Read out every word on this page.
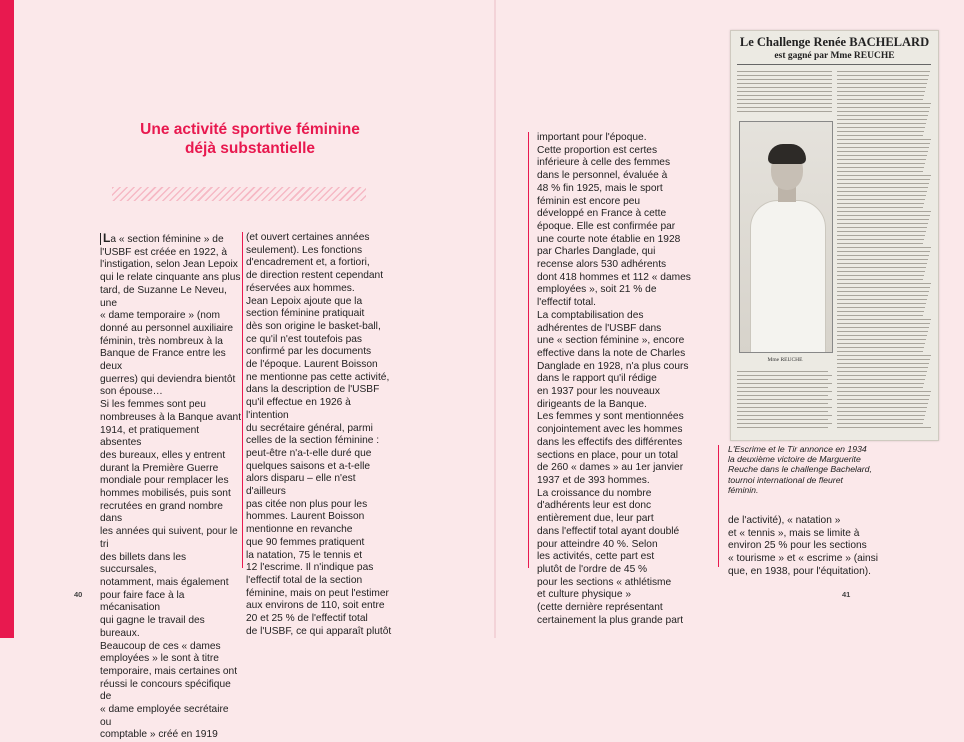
Une activité sportive féminine
déjà substantielle
La « section féminine » de
l'USBF est créée en 1922, à
l'instigation, selon Jean Lepoix
qui le relate cinquante ans plus
tard, de Suzanne Le Neveu, une
« dame temporaire » (nom
donné au personnel auxiliaire
féminin, très nombreux à la
Banque de France entre les deux
guerres) qui deviendra bientôt
son épouse…
Si les femmes sont peu
nombreuses à la Banque avant
1914, et pratiquement absentes
des bureaux, elles y entrent
durant la Première Guerre
mondiale pour remplacer les
hommes mobilisés, puis sont
recrutées en grand nombre dans
les années qui suivent, pour le tri
des billets dans les succursales,
notamment, mais également
pour faire face à la mécanisation
qui gagne le travail des bureaux.
Beaucoup de ces « dames
employées » le sont à titre
temporaire, mais certaines ont
réussi le concours spécifique de
« dame employée secrétaire ou
comptable » créé en 1919
(et ouvert certaines années
seulement). Les fonctions
d'encadrement et, a fortiori,
de direction restent cependant
réservées aux hommes.
Jean Lepoix ajoute que la
section féminine pratiquait
dès son origine le basket-ball,
ce qu'il n'est toutefois pas
confirmé par les documents
de l'époque. Laurent Boisson
ne mentionne pas cette activité,
dans la description de l'USBF
qu'il effectue en 1926 à l'intention
du secrétaire général, parmi
celles de la section féminine :
peut-être n'a-t-elle duré que
quelques saisons et a-t-elle
alors disparu – elle n'est d'ailleurs
pas citée non plus pour les
hommes. Laurent Boisson
mentionne en revanche
que 90 femmes pratiquent
la natation, 75 le tennis et
12 l'escrime. Il n'indique pas
l'effectif total de la section
féminine, mais on peut l'estimer
aux environs de 110, soit entre
20 et 25 % de l'effectif total
de l'USBF, ce qui apparaît plutôt
important pour l'époque.
Cette proportion est certes
inférieure à celle des femmes
dans le personnel, évaluée à
48 % fin 1925, mais le sport
féminin est encore peu
développé en France à cette
époque. Elle est confirmée par
une courte note établie en 1928
par Charles Danglade, qui
recense alors 530 adhérents
dont 418 hommes et 112 « dames
employées », soit 21 % de
l'effectif total.
La comptabilisation des
adhérentes de l'USBF dans
une « section féminine », encore
effective dans la note de Charles
Danglade en 1928, n'a plus cours
dans le rapport qu'il rédige
en 1937 pour les nouveaux
dirigeants de la Banque.
Les femmes y sont mentionnées
conjointement avec les hommes
dans les effectifs des différentes
sections en place, pour un total
de 260 « dames » au 1er janvier
1937 et de 393 hommes.
La croissance du nombre
d'adhérents leur est donc
entièrement due, leur part
dans l'effectif total ayant doublé
pour atteindre 40 %. Selon
les activités, cette part est
plutôt de l'ordre de 45 %
pour les sections « athlétisme
et culture physique »
(cette dernière représentant
certainement la plus grande part
Le Challenge Renée BACHELARD
est gagné par Mme REUCHE
Mme REUCHE
L'Escrime et le Tir annonce en 1934
la deuxième victoire de Marguerite
Reuche dans le challenge Bachelard,
tournoi international de fleuret
féminin.
de l'activité), « natation »
et « tennis », mais se limite à
environ 25 % pour les sections
« tourisme » et « escrime » (ainsi
que, en 1938, pour l'équitation).
40	41
